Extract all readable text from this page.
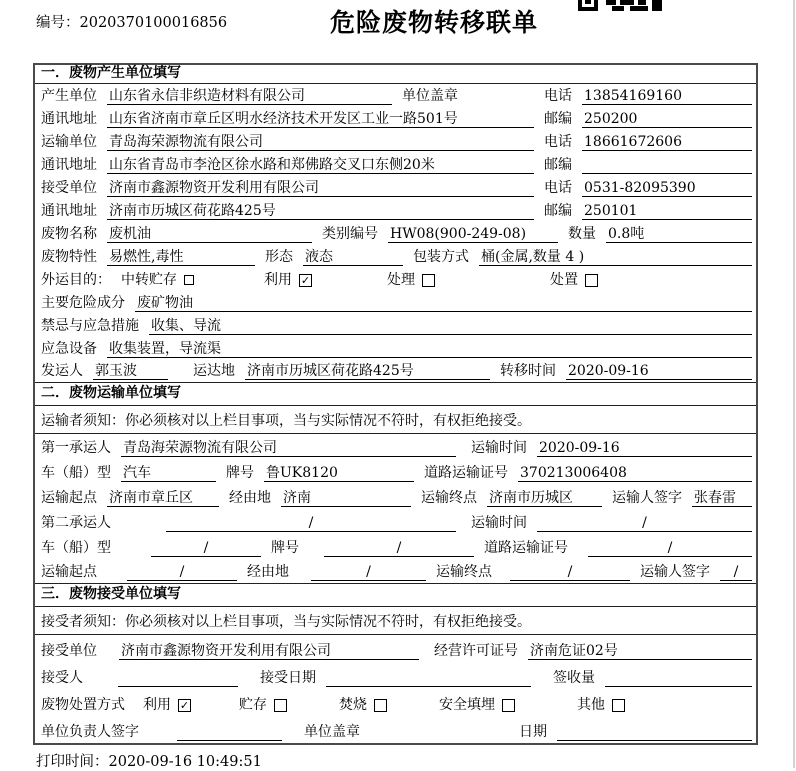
编号：2020370100016856	危险废物转移联单
一．废物产生单位填写
产生单位 山东省永信非织造材料有限公司	单位盖章	电话 13854169160
通讯地址 山东省济南市章丘区明水经济技术开发区工业一路501号	邮编 250200
运输单位 青岛海荣源物流有限公司	电话 18661672606
通讯地址 山东省青岛市李沧区徐水路和郑佛路交叉口东侧20米	邮编
接受单位 济南市鑫源物资开发利用有限公司	电话 0531-82095390
通讯地址 济南市历城区荷花路425号	邮编 250101
废物名称 废机油	类别编号 HW08(900-249-08)	数量 0.8吨
废物特性 易燃性,毒性	形态 液态	包装方式 桶(金属,数量 4 )
外运目的： 中转贮存	利用 ✓	处理	处置
主要危险成分 废矿物油
禁忌与应急措施 收集、导流
应急设备 收集装置，导流渠
发运人 郭玉波	运达地 济南市历城区荷花路425号	转移时间 2020-09-16
二．废物运输单位填写
运输者须知：你必须核对以上栏目事项，当与实际情况不符时，有权拒绝接受。
第一承运人 青岛海荣源物流有限公司	运输时间 2020-09-16
车（船）型 汽车	牌号 鲁UK8120	道路运输证号 370213006408
运输起点 济南市章丘区	经由地 济南	运输终点 济南市历城区	运输人签字 张春雷
第二承运人	/	运输时间	/
车（船）型	/	牌号	/	道路运输证号	/
运输起点	/	经由地	/	运输终点	/	运输人签字	/
三．废物接受单位填写
接受者须知：你必须核对以上栏目事项，当与实际情况不符时，有权拒绝接受。
接受单位 济南市鑫源物资开发利用有限公司	经营许可证号 济南危证02号
接受人	接受日期	签收量
废物处置方式 利用 ✓	贮存	焚烧	安全填埋	其他
单位负责人签字	单位盖章	日期
打印时间：2020-09-16 10:49:51
